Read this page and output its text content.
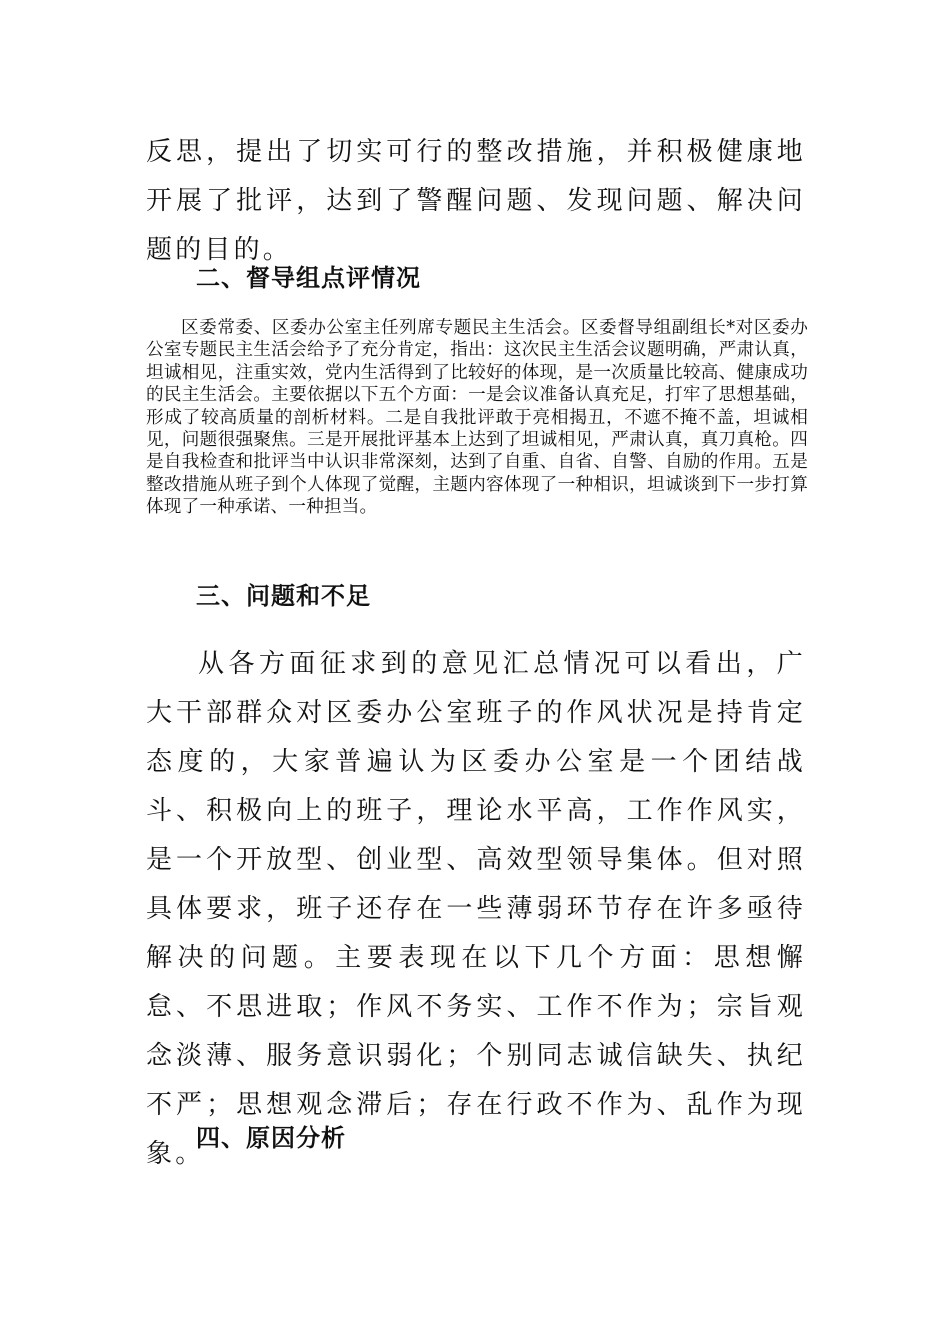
反思，提出了切实可行的整改措施，并积极健康地开展了批评，达到了警醒问题、发现问题、解决问题的目的。

二、督导组点评情况

区委常委、区委办公室主任列席专题民主生活会。区委督导组副组长*对区委办公室专题民主生活会给予了充分肯定，指出：这次民主生活会议题明确，严肃认真，坦诚相见，注重实效，党内生活得到了比较好的体现，是一次质量比较高、健康成功的民主生活会。主要依据以下五个方面：一是会议准备认真充足，打牢了思想基础，形成了较高质量的剖析材料。二是自我批评敢于亮相揭丑，不遮不掩不盖，坦诚相见，问题很强聚焦。三是开展批评基本上达到了坦诚相见，严肃认真，真刀真枪。四是自我检查和批评当中认识非常深刻，达到了自重、自省、自警、自励的作用。五是整改措施从班子到个人体现了觉醒，主题内容体现了一种相识，坦诚谈到下一步打算体现了一种承诺、一种担当。

三、问题和不足

从各方面征求到的意见汇总情况可以看出，广大干部群众对区委办公室班子的作风状况是持肯定态度的，大家普遍认为区委办公室是一个团结战斗、积极向上的班子，理论水平高，工作作风实，是一个开放型、创业型、高效型领导集体。但对照具体要求，班子还存在一些薄弱环节存在许多亟待解决的问题。主要表现在以下几个方面：思想懈怠、不思进取；作风不务实、工作不作为；宗旨观念淡薄、服务意识弱化；个别同志诚信缺失、执纪不严；思想观念滞后；存在行政不作为、乱作为现象。

四、原因分析
